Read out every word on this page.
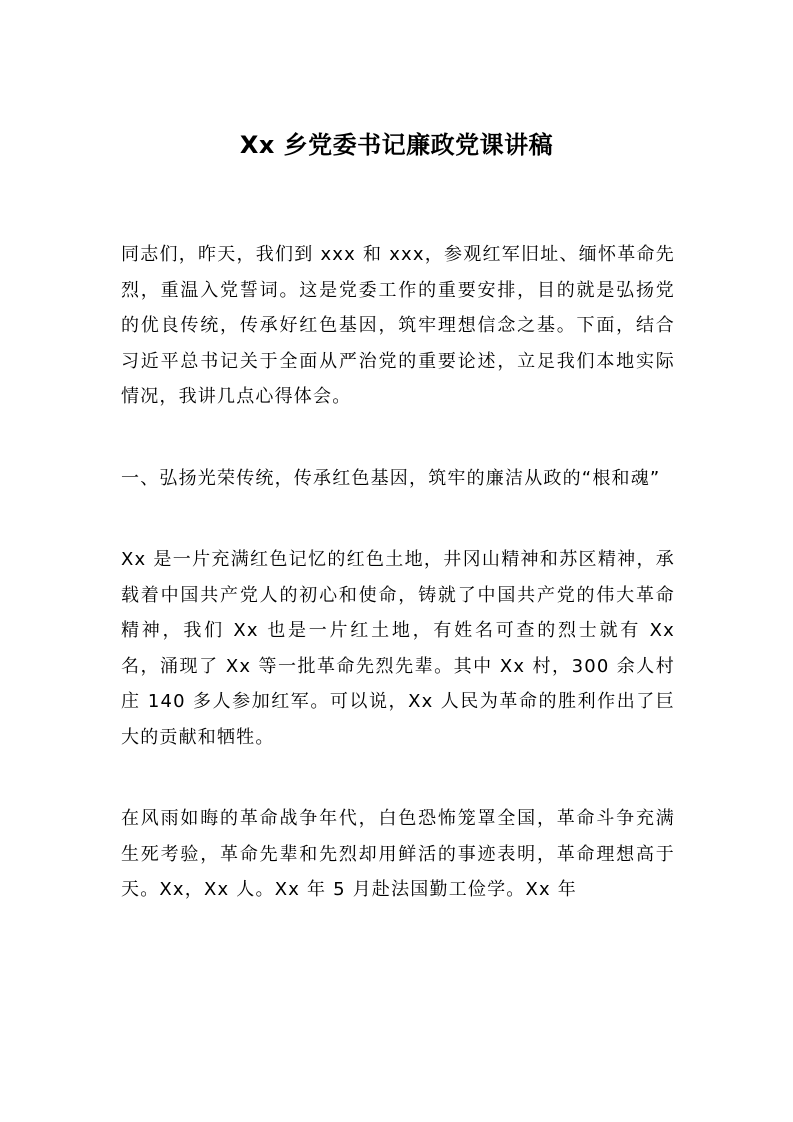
Xx 乡党委书记廉政党课讲稿

同志们，昨天，我们到 xxx 和 xxx，参观红军旧址、缅怀革命先烈，重温入党誓词。这是党委工作的重要安排，目的就是弘扬党的优良传统，传承好红色基因，筑牢理想信念之基。下面，结合习近平总书记关于全面从严治党的重要论述，立足我们本地实际情况，我讲几点心得体会。

一、弘扬光荣传统，传承红色基因，筑牢的廉洁从政的“根和魂”

Xx 是一片充满红色记忆的红色土地，井冈山精神和苏区精神，承载着中国共产党人的初心和使命，铸就了中国共产党的伟大革命精神，我们 Xx 也是一片红土地，有姓名可查的烈士就有 Xx 名，涌现了 Xx 等一批革命先烈先辈。其中 Xx 村，300 余人村庄 140 多人参加红军。可以说，Xx 人民为革命的胜利作出了巨大的贡献和牺牲。

在风雨如晦的革命战争年代，白色恐怖笼罩全国，革命斗争充满生死考验，革命先辈和先烈却用鲜活的事迹表明，革命理想高于天。Xx，Xx 人。Xx 年 5 月赴法国勤工俭学。Xx 年
